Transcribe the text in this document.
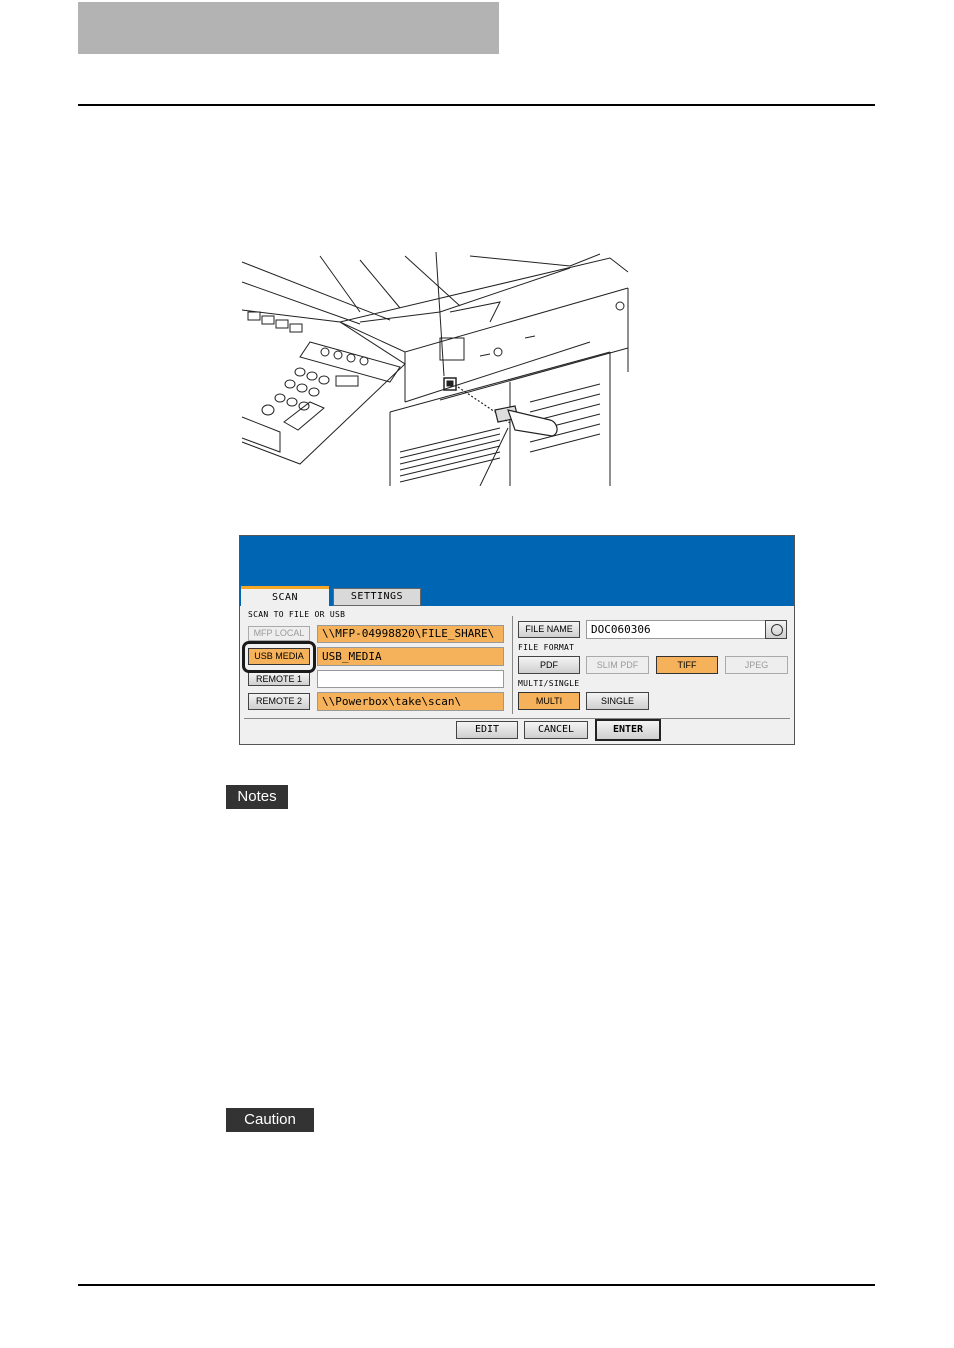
SCAN	SETTINGS
SCAN TO FILE OR USB
MFP LOCAL	\\MFP-04998820\FILE_SHARE\
USB MEDIA	USB_MEDIA
REMOTE 1
REMOTE 2	\\Powerbox\take\scan\
FILE NAME	DOC060306
FILE FORMAT
PDF	SLIM PDF	TIFF	JPEG
MULTI/SINGLE
MULTI	SINGLE
EDIT	CANCEL	ENTER
Notes
Caution
